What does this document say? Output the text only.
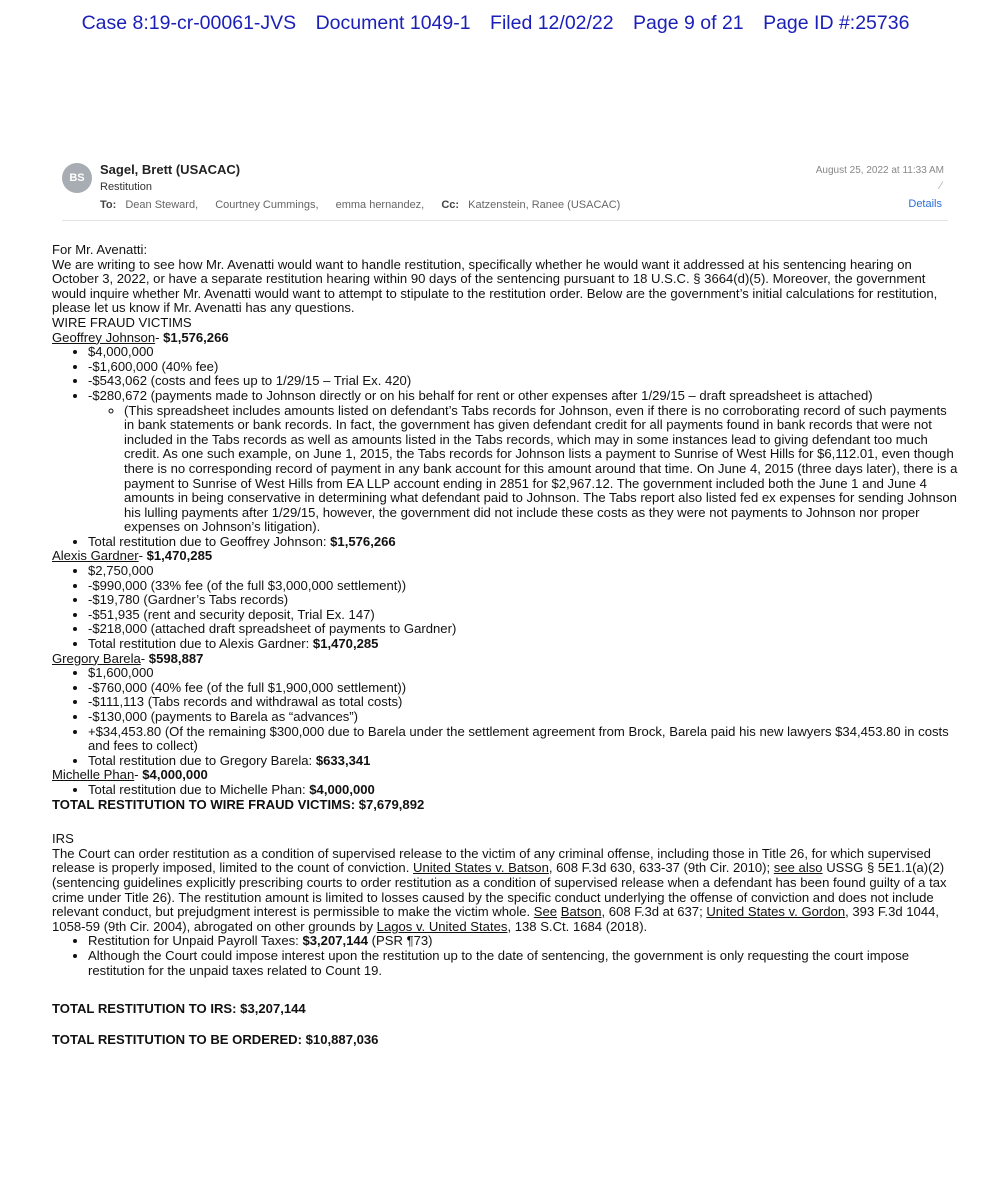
Case 8:19-cr-00061-JVS Document 1049-1 Filed 12/02/22 Page 9 of 21 Page ID #:25736
BS
Sagel, Brett (USACAC)
Restitution
To: Dean Steward, Courtney Cummings, emma hernandez, Cc: Katzenstein, Ranee (USACAC)
August 25, 2022 at 11:33 AM
∕
Details

For Mr. Avenatti:

We are writing to see how Mr. Avenatti would want to handle restitution, specifically whether he would want it addressed at his sentencing hearing on October 3, 2022, or have a separate restitution hearing within 90 days of the sentencing pursuant to 18 U.S.C. § 3664(d)(5). Moreover, the government would inquire whether Mr. Avenatti would want to attempt to stipulate to the restitution order. Below are the government’s initial calculations for restitution, please let us know if Mr. Avenatti has any questions.

WIRE FRAUD VICTIMS

Geoffrey Johnson- $1,576,266

• $4,000,000
• -$1,600,000 (40% fee)
• -$543,062 (costs and fees up to 1/29/15 – Trial Ex. 420)
• -$280,672 (payments made to Johnson directly or on his behalf for rent or other expenses after 1/29/15 – draft spreadsheet is attached)
◦ (This spreadsheet includes amounts listed on defendant’s Tabs records for Johnson, even if there is no corroborating record of such payments in bank statements or bank records. In fact, the government has given defendant credit for all payments found in bank records that were not included in the Tabs records as well as amounts listed in the Tabs records, which may in some instances lead to giving defendant too much credit. As one such example, on June 1, 2015, the Tabs records for Johnson lists a payment to Sunrise of West Hills for $6,112.01, even though there is no corresponding record of payment in any bank account for this amount around that time. On June 4, 2015 (three days later), there is a payment to Sunrise of West Hills from EA LLP account ending in 2851 for $2,967.12. The government included both the June 1 and June 4 amounts in being conservative in determining what defendant paid to Johnson. The Tabs report also listed fed ex expenses for sending Johnson his lulling payments after 1/29/15, however, the government did not include these costs as they were not payments to Johnson nor proper expenses on Johnson’s litigation).
• Total restitution due to Geoffrey Johnson: $1,576,266

Alexis Gardner- $1,470,285

• $2,750,000
• -$990,000 (33% fee (of the full $3,000,000 settlement))
• -$19,780 (Gardner’s Tabs records)
• -$51,935 (rent and security deposit, Trial Ex. 147)
• -$218,000 (attached draft spreadsheet of payments to Gardner)
• Total restitution due to Alexis Gardner: $1,470,285

Gregory Barela- $598,887

• $1,600,000
• -$760,000 (40% fee (of the full $1,900,000 settlement))
• -$111,113 (Tabs records and withdrawal as total costs)
• -$130,000 (payments to Barela as “advances”)
• +$34,453.80 (Of the remaining $300,000 due to Barela under the settlement agreement from Brock, Barela paid his new lawyers $34,453.80 in costs and fees to collect)
• Total restitution due to Gregory Barela: $633,341

Michelle Phan- $4,000,000

• Total restitution due to Michelle Phan: $4,000,000

TOTAL RESTITUTION TO WIRE FRAUD VICTIMS: $7,679,892

IRS

The Court can order restitution as a condition of supervised release to the victim of any criminal offense, including those in Title 26, for which supervised release is properly imposed, limited to the count of conviction. United States v. Batson, 608 F.3d 630, 633-37 (9th Cir. 2010); see also USSG § 5E1.1(a)(2) (sentencing guidelines explicitly prescribing courts to order restitution as a condition of supervised release when a defendant has been found guilty of a tax crime under Title 26). The restitution amount is limited to losses caused by the specific conduct underlying the offense of conviction and does not include relevant conduct, but prejudgment interest is permissible to make the victim whole. See Batson, 608 F.3d at 637; United States v. Gordon, 393 F.3d 1044, 1058-59 (9th Cir. 2004), abrogated on other grounds by Lagos v. United States, 138 S.Ct. 1684 (2018).

• Restitution for Unpaid Payroll Taxes: $3,207,144 (PSR ¶73)
• Although the Court could impose interest upon the restitution up to the date of sentencing, the government is only requesting the court impose restitution for the unpaid taxes related to Count 19.

TOTAL RESTITUTION TO IRS: $3,207,144

TOTAL RESTITUTION TO BE ORDERED: $10,887,036
